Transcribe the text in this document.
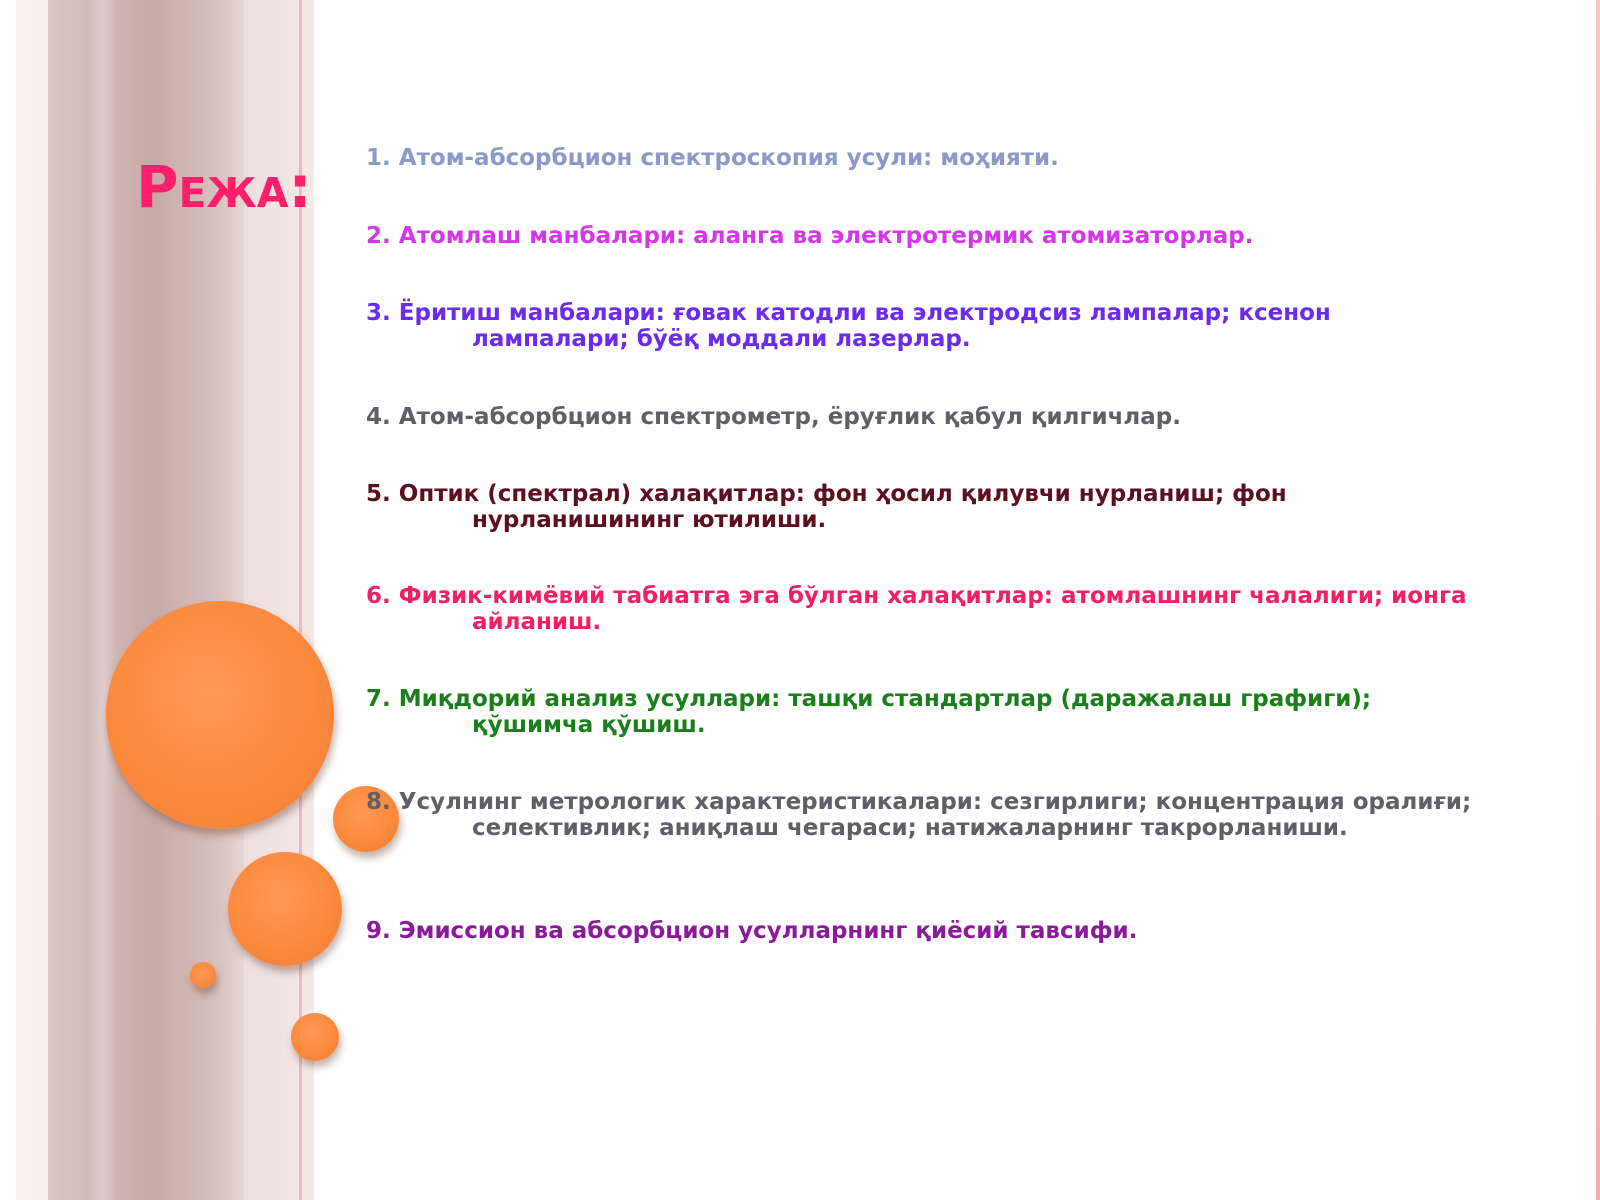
Режа: 1. Атом-абсорбцион спектроскопия усули: моҳияти.
2. Атомлаш манбалари: аланга ва электротермик атомизаторлар.
3. Ёритиш манбалари: ғовак катодли ва электродсиз лампалар; ксенон лампалари; бўёқ моддали лазерлар.
4. Атом-абсорбцион спектрометр, ёруғлик қабул қилгичлар.
5. Оптик (спектрал) халақитлар: фон ҳосил қилувчи нурланиш; фон нурланишининг ютилиши.
6. Физик-кимёвий табиатга эга бўлган халақитлар: атомлашнинг чалалиги; ионга айланиш.
7. Миқдорий анализ усуллари: ташқи стандартлар (даражалаш графиги); қўшимча қўшиш.
8. Усулнинг метрологик характеристикалари: сезгирлиги; концентрация оралиғи; селективлик; аниқлаш чегараси; натижаларнинг такрорланиши.
9. Эмиссион ва абсорбцион усулларнинг қиёсий тавсифи.
